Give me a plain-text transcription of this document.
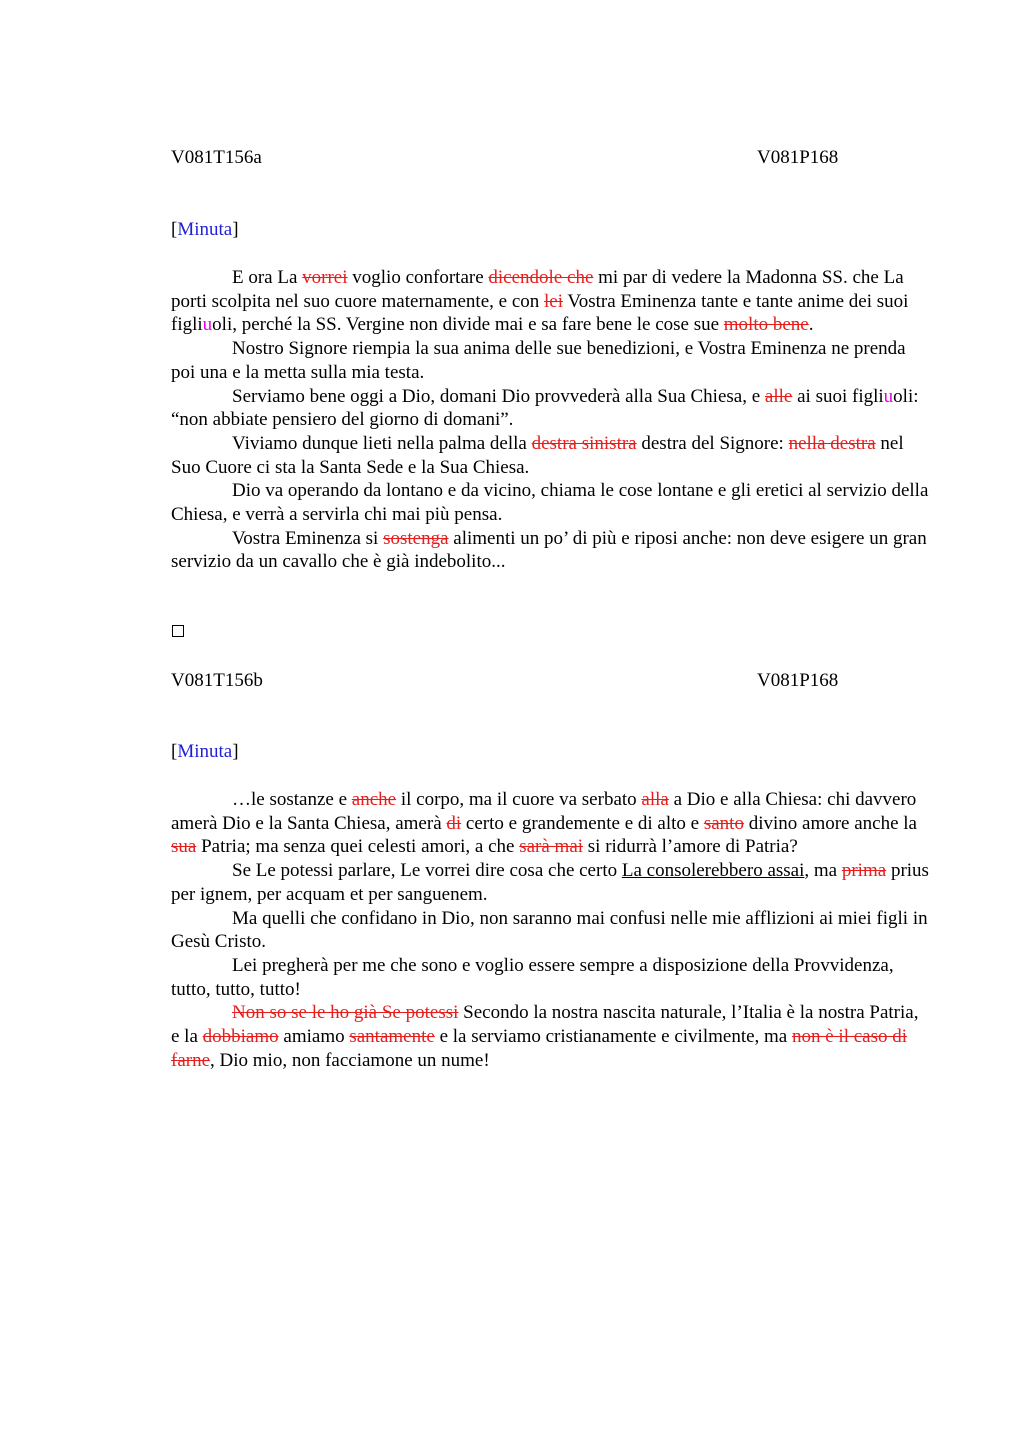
V081T156a	V081P168
[Minuta]

E ora La vorrei voglio confortare dicendole che mi par di vedere la Madonna SS. che La porti scolpita nel suo cuore maternamente, e con lei Vostra Eminenza tante e tante anime dei suoi figliuoli, perché la SS. Vergine non divide mai e sa fare bene le cose sue molto bene.

Nostro Signore riempia la sua anima delle sue benedizioni, e Vostra Eminenza ne prenda poi una e la metta sulla mia testa.

Serviamo bene oggi a Dio, domani Dio provvederà alla Sua Chiesa, e alle ai suoi figliuoli: “non abbiate pensiero del giorno di domani”.

Viviamo dunque lieti nella palma della destra sinistra destra del Signore: nella destra nel Suo Cuore ci sta la Santa Sede e la Sua Chiesa.

Dio va operando da lontano e da vicino, chiama le cose lontane e gli eretici al servizio della Chiesa, e verrà a servirla chi mai più pensa.

Vostra Eminenza si sostenga alimenti un po’ di più e riposi anche: non deve esigere un gran servizio da un cavallo che è già indebolito...

V081T156b	V081P168
[Minuta]

…le sostanze e anche il corpo, ma il cuore va serbato alla a Dio e alla Chiesa: chi davvero amerà Dio e la Santa Chiesa, amerà di certo e grandemente e di alto e santo divino amore anche la sua Patria; ma senza quei celesti amori, a che sarà mai si ridurrà l’amore di Patria?

Se Le potessi parlare, Le vorrei dire cosa che certo La consolerebbero assai, ma prima prius per ignem, per acquam et per sanguenem.

Ma quelli che confidano in Dio, non saranno mai confusi nelle mie afflizioni ai miei figli in Gesù Cristo.

Lei pregherà per me che sono e voglio essere sempre a disposizione della Provvidenza, tutto, tutto, tutto!

Non so se le ho già Se potessi Secondo la nostra nascita naturale, l’Italia è la nostra Patria, e la dobbiamo amiamo santamente e la serviamo cristianamente e civilmente, ma non è il caso di farne, Dio mio, non facciamone un nume!
